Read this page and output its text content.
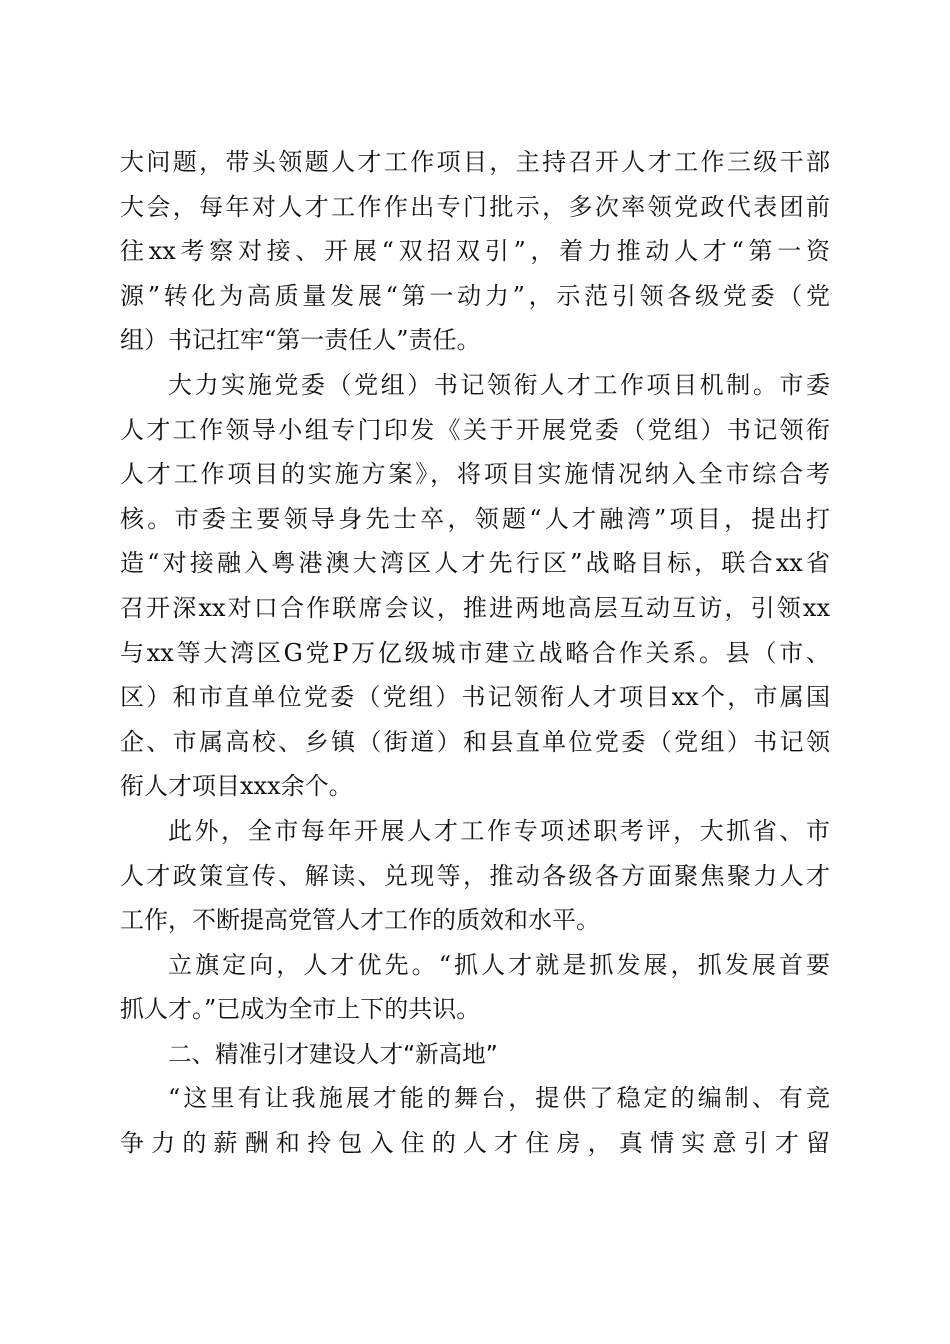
大问题，带头领题人才工作项目，主持召开人才工作三级干部
大会，每年对人才工作作出专门批示，多次率领党政代表团前
往xx考察对接、开展“双招双引”，着力推动人才“第一资
源”转化为高质量发展“第一动力”，示范引领各级党委（党
组）书记扛牢“第一责任人”责任。
大力实施党委（党组）书记领衔人才工作项目机制。市委
人才工作领导小组专门印发《关于开展党委（党组）书记领衔
人才工作项目的实施方案》，将项目实施情况纳入全市综合考
核。市委主要领导身先士卒，领题“人才融湾”项目，提出打
造“对接融入粤港澳大湾区人才先行区”战略目标，联合xx省
召开深xx对口合作联席会议，推进两地高层互动互访，引领xx
与xx等大湾区G党P万亿级城市建立战略合作关系。县（市、
区）和市直单位党委（党组）书记领衔人才项目xx个，市属国
企、市属高校、乡镇（街道）和县直单位党委（党组）书记领
衔人才项目xxx余个。
此外，全市每年开展人才工作专项述职考评，大抓省、市
人才政策宣传、解读、兑现等，推动各级各方面聚焦聚力人才
工作，不断提高党管人才工作的质效和水平。
立旗定向，人才优先。“抓人才就是抓发展，抓发展首要
抓人才。”已成为全市上下的共识。
二、精准引才建设人才“新高地”
“这里有让我施展才能的舞台，提供了稳定的编制、有竞
争力的薪酬和拎包入住的人才住房，真情实意引才留
